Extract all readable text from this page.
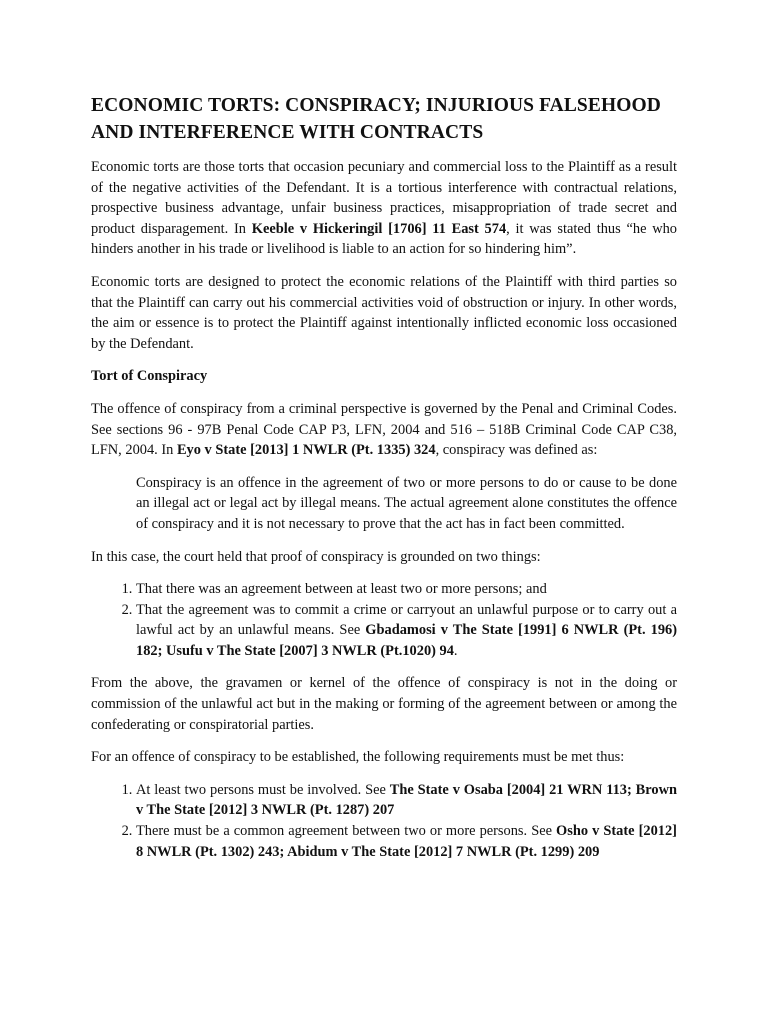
ECONOMIC TORTS: CONSPIRACY; INJURIOUS FALSEHOOD AND INTERFERENCE WITH CONTRACTS

Economic torts are those torts that occasion pecuniary and commercial loss to the Plaintiff as a result of the negative activities of the Defendant. It is a tortious interference with contractual relations, prospective business advantage, unfair business practices, misappropriation of trade secret and product disparagement. In Keeble v Hickeringil [1706] 11 East 574, it was stated thus “he who hinders another in his trade or livelihood is liable to an action for so hindering him”.

Economic torts are designed to protect the economic relations of the Plaintiff with third parties so that the Plaintiff can carry out his commercial activities void of obstruction or injury. In other words, the aim or essence is to protect the Plaintiff against intentionally inflicted economic loss occasioned by the Defendant.

Tort of Conspiracy

The offence of conspiracy from a criminal perspective is governed by the Penal and Criminal Codes. See sections 96 - 97B Penal Code CAP P3, LFN, 2004 and 516 – 518B Criminal Code CAP C38, LFN, 2004. In Eyo v State [2013] 1 NWLR (Pt. 1335) 324, conspiracy was defined as:

Conspiracy is an offence in the agreement of two or more persons to do or cause to be done an illegal act or legal act by illegal means. The actual agreement alone constitutes the offence of conspiracy and it is not necessary to prove that the act has in fact been committed.

In this case, the court held that proof of conspiracy is grounded on two things:

1. That there was an agreement between at least two or more persons; and
2. That the agreement was to commit a crime or carryout an unlawful purpose or to carry out a lawful act by an unlawful means. See Gbadamosi v The State [1991] 6 NWLR (Pt. 196) 182; Usufu v The State [2007] 3 NWLR (Pt.1020) 94.

From the above, the gravamen or kernel of the offence of conspiracy is not in the doing or commission of the unlawful act but in the making or forming of the agreement between or among the confederating or conspiratorial parties.

For an offence of conspiracy to be established, the following requirements must be met thus:

1. At least two persons must be involved. See The State v Osaba [2004] 21 WRN 113; Brown v The State [2012] 3 NWLR (Pt. 1287) 207
2. There must be a common agreement between two or more persons. See Osho v State [2012] 8 NWLR (Pt. 1302) 243; Abidum v The State [2012] 7 NWLR (Pt. 1299) 209
